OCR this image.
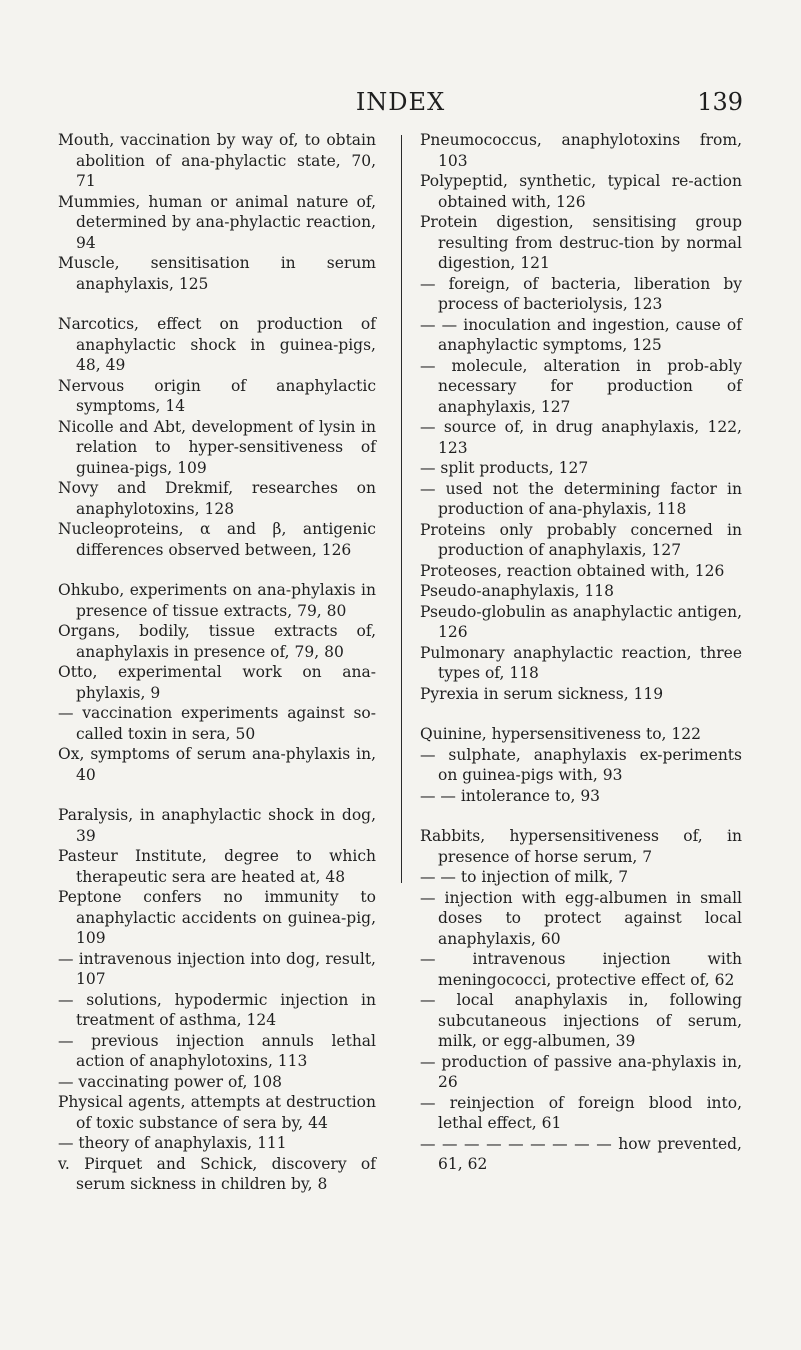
INDEX	139

Mouth, vaccination by way of, to obtain abolition of ana-phylactic state, 70, 71

Mummies, human or animal nature of, determined by ana-phylactic reaction, 94

Muscle, sensitisation in serum anaphylaxis, 125

Narcotics, effect on production of anaphylactic shock in guinea-pigs, 48, 49

Nervous origin of anaphylactic symptoms, 14

Nicolle and Abt, development of lysin in relation to hyper-sensitiveness of guinea-pigs, 109

Novy and Drekmif, researches on anaphylotoxins, 128

Nucleoproteins, α and β, antigenic differences observed between, 126

Ohkubo, experiments on ana-phylaxis in presence of tissue extracts, 79, 80

Organs, bodily, tissue extracts of, anaphylaxis in presence of, 79, 80

Otto, experimental work on ana-phylaxis, 9

— vaccination experiments against so-called toxin in sera, 50

Ox, symptoms of serum ana-phylaxis in, 40

Paralysis, in anaphylactic shock in dog, 39

Pasteur Institute, degree to which therapeutic sera are heated at, 48

Peptone confers no immunity to anaphylactic accidents on guinea-pig, 109

— intravenous injection into dog, result, 107

— solutions, hypodermic injection in treatment of asthma, 124

— previous injection annuls lethal action of anaphylotoxins, 113

— vaccinating power of, 108

Physical agents, attempts at destruction of toxic substance of sera by, 44

— theory of anaphylaxis, 111

v. Pirquet and Schick, discovery of serum sickness in children by, 8

Pneumococcus, anaphylotoxins from, 103

Polypeptid, synthetic, typical re-action obtained with, 126

Protein digestion, sensitising group resulting from destruc-tion by normal digestion, 121

— foreign, of bacteria, liberation by process of bacteriolysis, 123

— — inoculation and ingestion, cause of anaphylactic symptoms, 125

— molecule, alteration in prob-ably necessary for production of anaphylaxis, 127

— source of, in drug anaphylaxis, 122, 123

— split products, 127

— used not the determining factor in production of ana-phylaxis, 118

Proteins only probably concerned in production of anaphylaxis, 127

Proteoses, reaction obtained with, 126

Pseudo-anaphylaxis, 118

Pseudo-globulin as anaphylactic antigen, 126

Pulmonary anaphylactic reaction, three types of, 118

Pyrexia in serum sickness, 119

Quinine, hypersensitiveness to, 122

— sulphate, anaphylaxis ex-periments on guinea-pigs with, 93

— — intolerance to, 93

Rabbits, hypersensitiveness of, in presence of horse serum, 7

— — to injection of milk, 7

— injection with egg-albumen in small doses to protect against local anaphylaxis, 60

— intravenous injection with meningococci, protective effect of, 62

— local anaphylaxis in, following subcutaneous injections of serum, milk, or egg-albumen, 39

— production of passive ana-phylaxis in, 26

— reinjection of foreign blood into, lethal effect, 61

— — — — — — — — — how prevented, 61, 62
